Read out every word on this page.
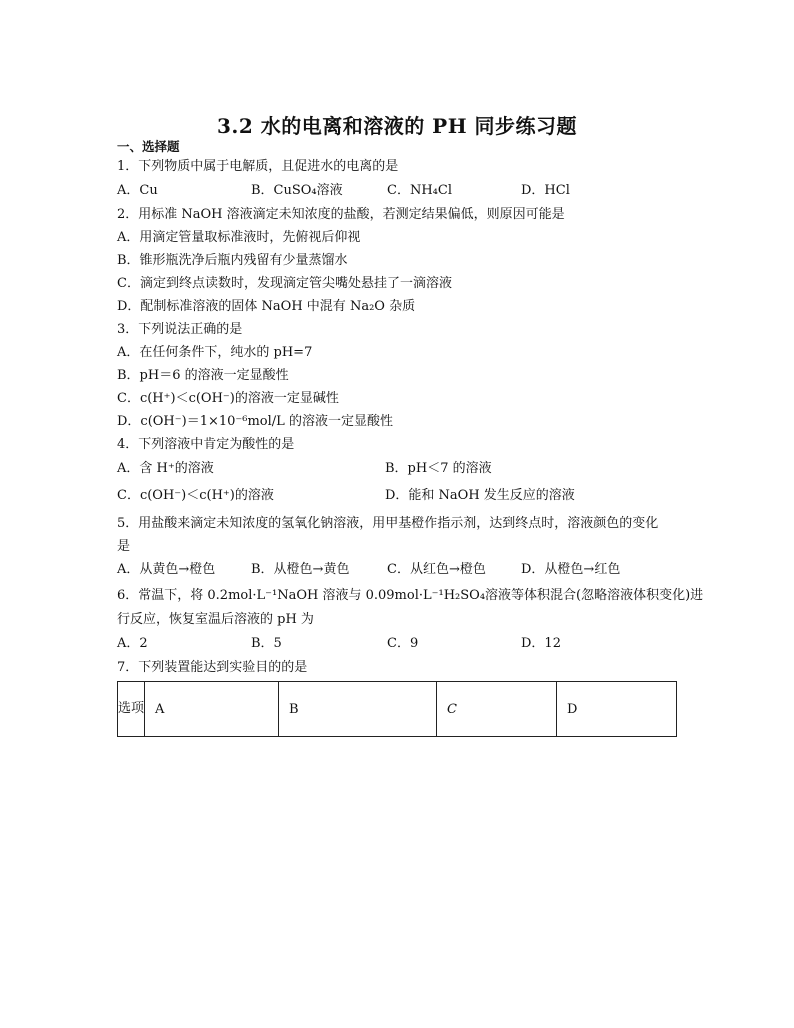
3.2 水的电离和溶液的 PH 同步练习题
一、选择题
1．下列物质中属于电解质，且促进水的电离的是
A．Cu	B．CuSO₄溶液	C．NH₄Cl	D．HCl
2．用标准 NaOH 溶液滴定未知浓度的盐酸，若测定结果偏低，则原因可能是
A．用滴定管量取标准液时，先俯视后仰视
B．锥形瓶洗净后瓶内残留有少量蒸馏水
C．滴定到终点读数时，发现滴定管尖嘴处悬挂了一滴溶液
D．配制标准溶液的固体 NaOH 中混有 Na₂O 杂质
3．下列说法正确的是
A．在任何条件下，纯水的 pH=7
B．pH＝6 的溶液一定显酸性
C．c(H⁺)＜c(OH⁻)的溶液一定显碱性
D．c(OH⁻)＝1×10⁻⁶mol/L 的溶液一定显酸性
4．下列溶液中肯定为酸性的是
A．含 H⁺的溶液	B．pH＜7 的溶液
C．c(OH⁻)＜c(H⁺)的溶液	D．能和 NaOH 发生反应的溶液
5．用盐酸来滴定未知浓度的氢氧化钠溶液，用甲基橙作指示剂，达到终点时，溶液颜色的变化
是
A．从黄色→橙色	B．从橙色→黄色	C．从红色→橙色	D．从橙色→红色
6．常温下，将 0.2mol·L⁻¹NaOH 溶液与 0.09mol·L⁻¹H₂SO₄溶液等体积混合(忽略溶液体积变化)进
行反应，恢复室温后溶液的 pH 为
A．2	B．5	C．9	D．12
7．下列装置能达到实验目的的是
选项 A	B	C	D
